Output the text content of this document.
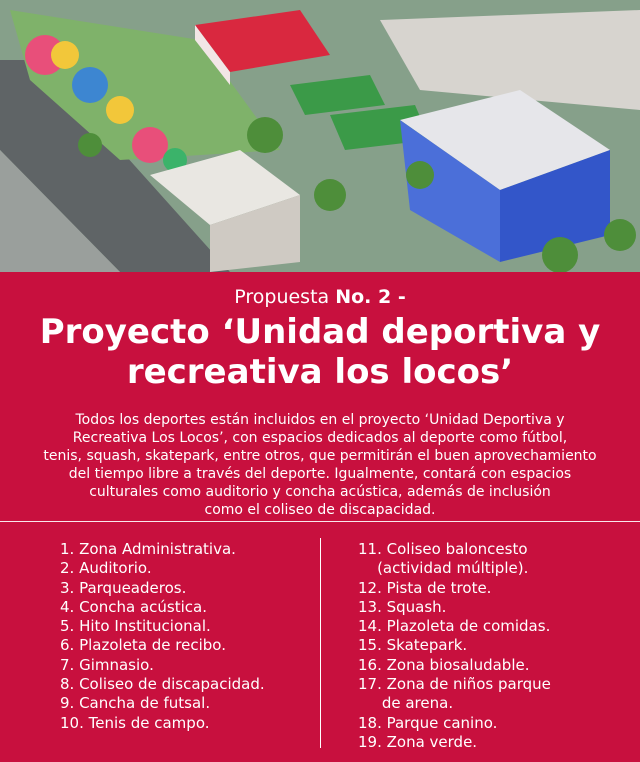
Propuesta No. 2 -
Proyecto ‘Unidad deportiva y
recreativa los locos’
Todos los deportes están incluidos en el proyecto ‘Unidad Deportiva y
Recreativa Los Locos’, con espacios dedicados al deporte como fútbol,
tenis, squash, skatepark, entre otros, que permitirán el buen aprovechamiento
del tiempo libre a través del deporte. Igualmente, contará con espacios
culturales como auditorio y concha acústica, además de inclusión
como el coliseo de discapacidad.
1. Zona Administrativa.
2. Auditorio.
3. Parqueaderos.
4. Concha acústica.
5. Hito Institucional.
6. Plazoleta de recibo.
7. Gimnasio.
8. Coliseo de discapacidad.
9. Cancha de futsal.
10. Tenis de campo.
11. Coliseo baloncesto
(actividad múltiple).
12. Pista de trote.
13. Squash.
14. Plazoleta de comidas.
15. Skatepark.
16. Zona biosaludable.
17. Zona de niños parque
de arena.
18. Parque canino.
19. Zona verde.
